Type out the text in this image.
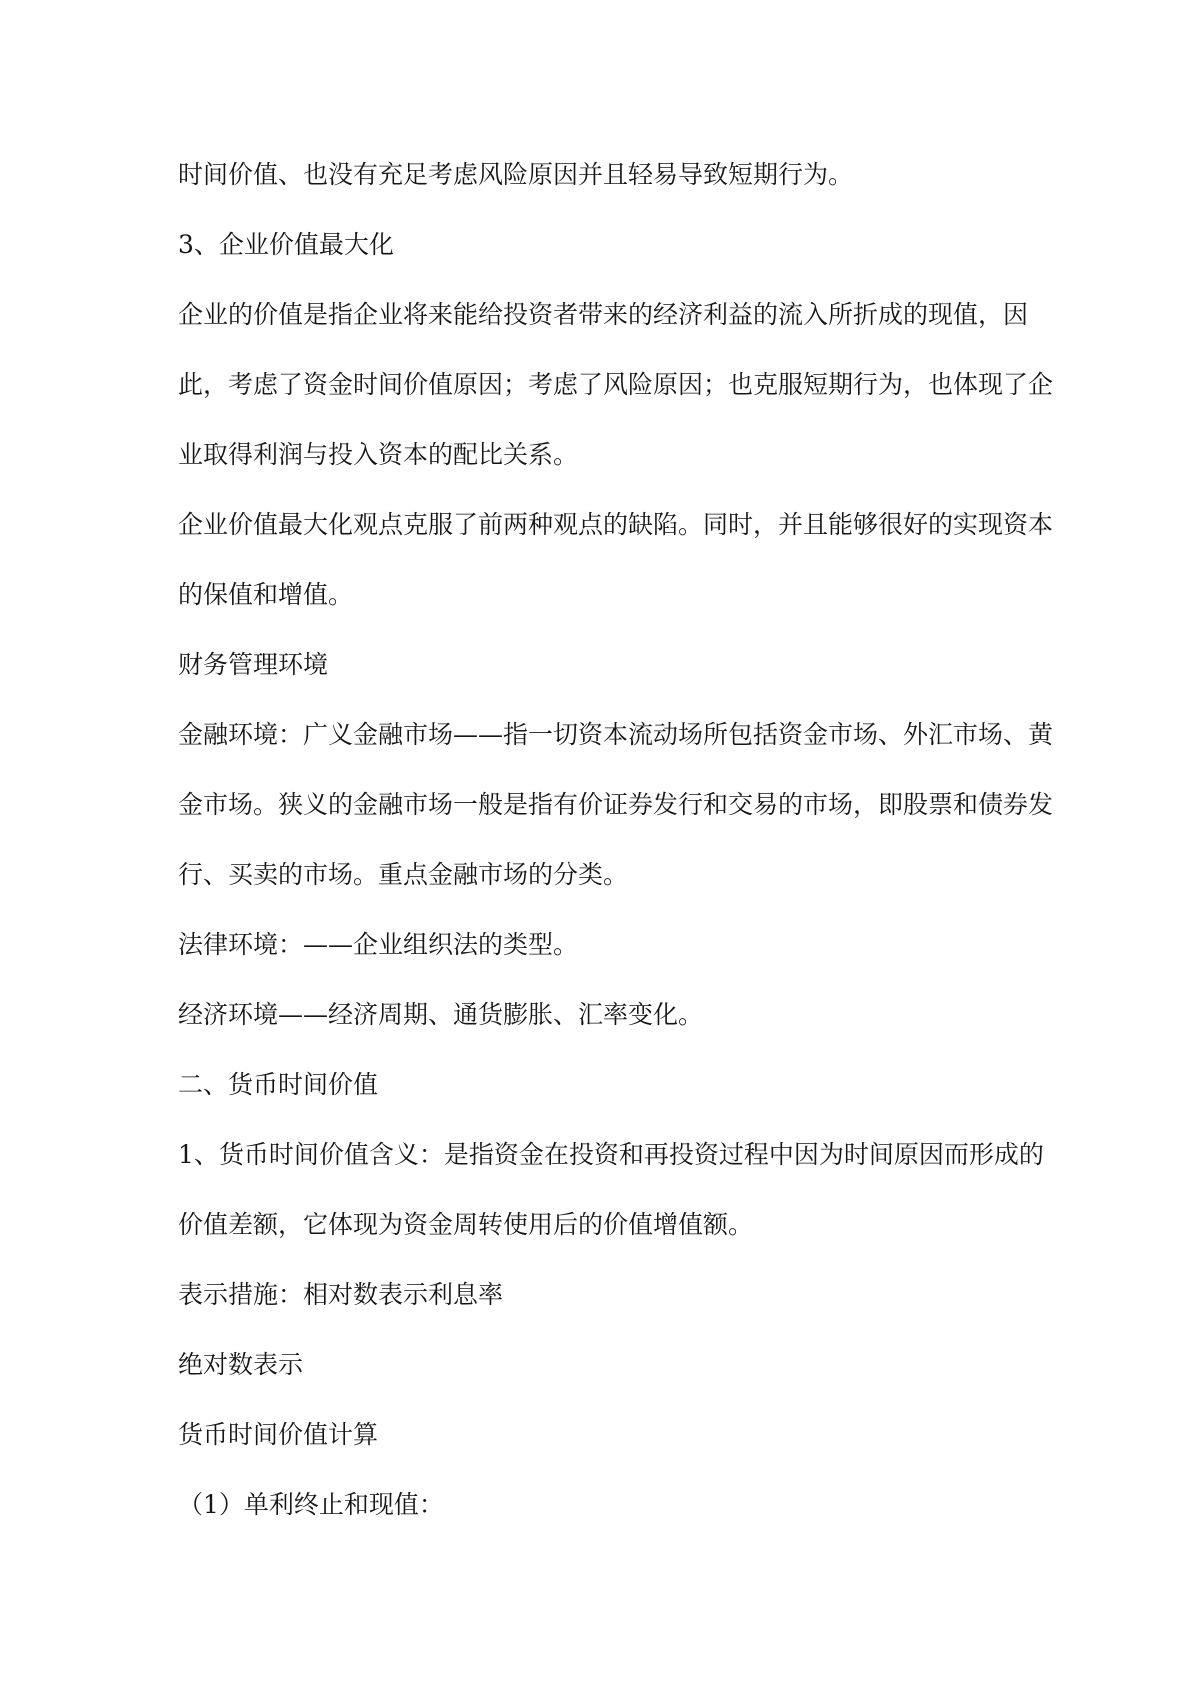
时间价值、也没有充足考虑风险原因并且轻易导致短期行为。

3、企业价值最大化

企业的价值是指企业将来能给投资者带来的经济利益的流入所折成的现值，因

此，考虑了资金时间价值原因；考虑了风险原因；也克服短期行为，也体现了企

业取得利润与投入资本的配比关系。

企业价值最大化观点克服了前两种观点的缺陷。同时，并且能够很好的实现资本

的保值和增值。

财务管理环境

金融环境：广义金融市场——指一切资本流动场所包括资金市场、外汇市场、黄

金市场。狭义的金融市场一般是指有价证券发行和交易的市场，即股票和债券发

行、买卖的市场。重点金融市场的分类。

法律环境：——企业组织法的类型。

经济环境——经济周期、通货膨胀、汇率变化。

二、货币时间价值

1、货币时间价值含义：是指资金在投资和再投资过程中因为时间原因而形成的

价值差额，它体现为资金周转使用后的价值增值额。

表示措施：相对数表示利息率

绝对数表示

货币时间价值计算

（1）单利终止和现值：
